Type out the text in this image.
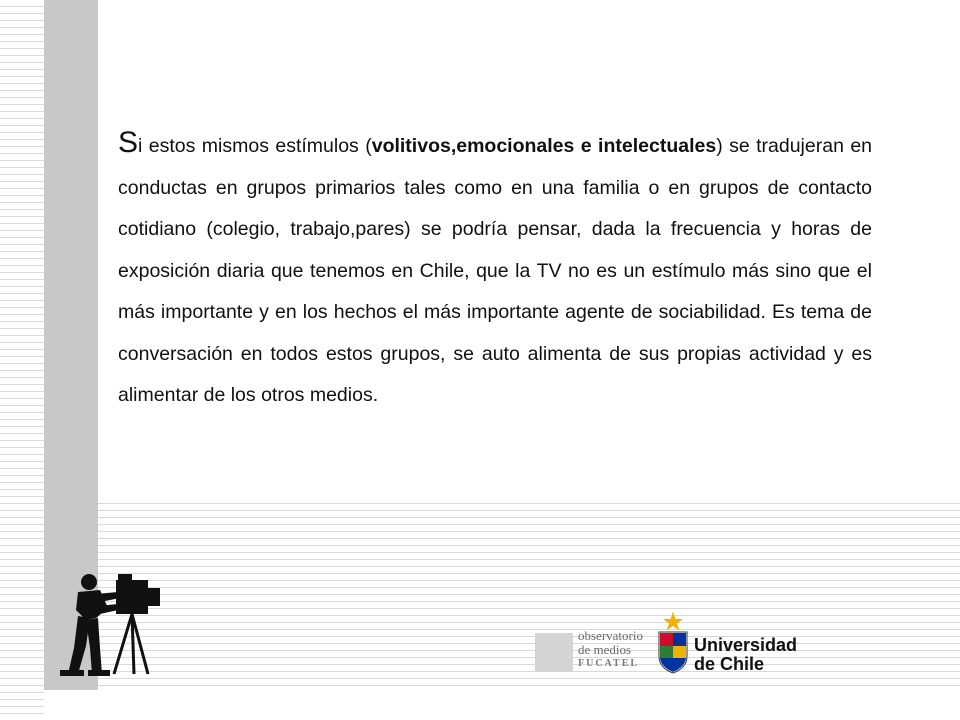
Si estos mismos estímulos (volitivos,emocionales e intelectuales) se tradujeran en conductas en grupos primarios tales como en una familia o en grupos de contacto cotidiano (colegio, trabajo,pares) se podría pensar, dada la frecuencia y horas de exposición diaria que tenemos en Chile, que la TV no es un estímulo más sino que el más importante y en los hechos el más importante agente de sociabilidad. Es tema de conversación en todos estos grupos, se auto alimenta de sus propias actividad y es alimentar de los otros medios.

observatorio
de medios
FUCATEL
Universidad
de Chile
